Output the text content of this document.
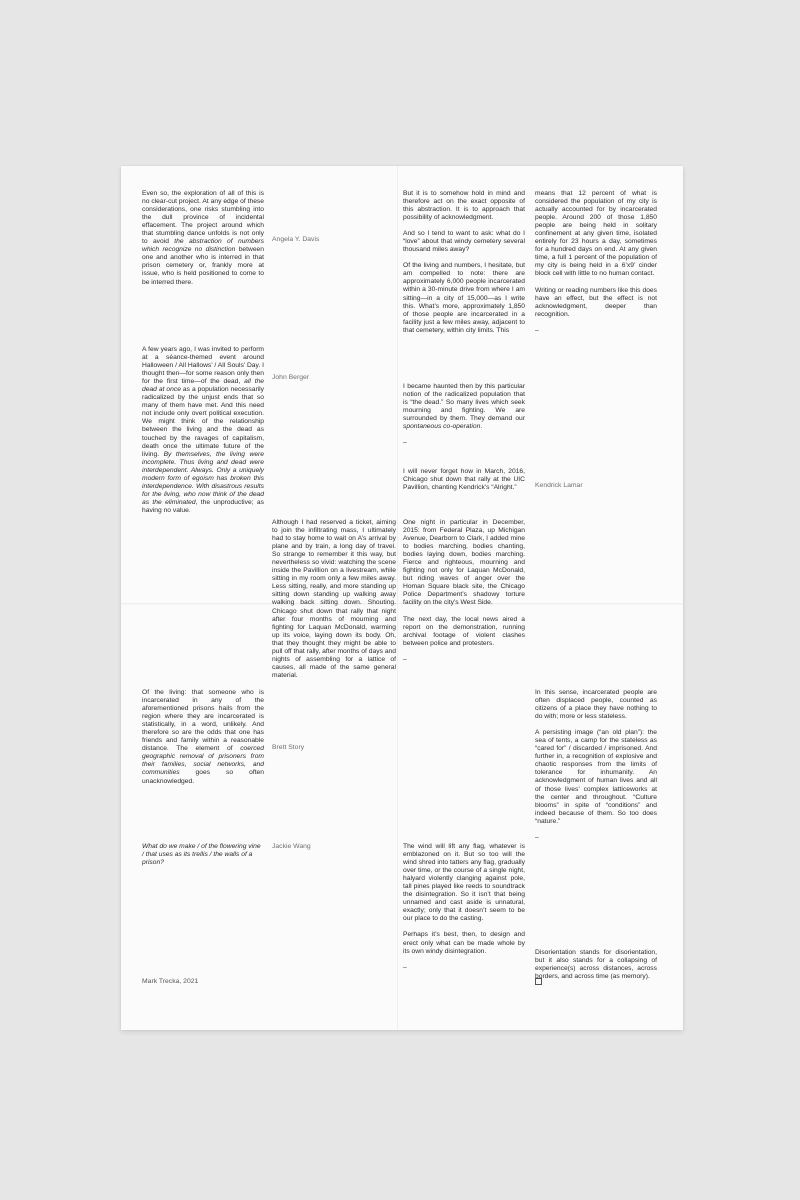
Even so, the exploration of all of this is no clear-cut project. At any edge of these considerations, one risks stumbling into the dull province of incidental effacement. The project around which that stumbling dance unfolds is not only to avoid the abstraction of numbers which recognize no distinction between one and another who is interred in that prison cemetery or, frankly more at issue, who is held positioned to come to be interred there.

Angela Y. Davis

But it is to somehow hold in mind and therefore act on the exact opposite of this abstraction. It is to approach that possibility of acknowledgment.

And so I tend to want to ask: what do I “love” about that windy cemetery several thousand miles away?

Of the living and numbers, I hesitate, but am compelled to note: there are approximately 6,000 people incarcerated within a 30-minute drive from where I am sitting—in a city of 15,000—as I write this. What’s more, approximately 1,850 of those people are incarcerated in a facility just a few miles away, adjacent to that cemetery, within city limits. This

means that 12 percent of what is considered the population of my city is actually accounted for by incarcerated people. Around 200 of those 1,850 people are being held in solitary confinement at any given time, isolated entirely for 23 hours a day, sometimes for a hundred days on end. At any given time, a full 1 percent of the population of my city is being held in a 6’x9’ cinder block cell with little to no human contact.

Writing or reading numbers like this does have an effect, but the effect is not acknowledgment, deeper than recognition.

–

A few years ago, I was invited to perform at a séance-themed event around Halloween / All Hallows’ / All Souls’ Day. I thought then—for some reason only then for the first time—of the dead, all the dead at once as a population necessarily radicalized by the unjust ends that so many of them have met. And this need not include only overt political execution. We might think of the relationship between the living and the dead as touched by the ravages of capitalism, death once the ultimate future of the living. By themselves, the living were incomplete. Thus living and dead were interdependent. Always. Only a uniquely modern form of egoism has broken this interdependence. With disastrous results for the living, who now think of the dead as the eliminated, the unproductive; as having no value.

John Berger

I became haunted then by this particular notion of the radicalized population that is “the dead.” So many lives which seek mourning and fighting. We are surrounded by them. They demand our spontaneous co-operation.

–

I will never forget how in March, 2016, Chicago shut down that rally at the UIC Pavillion, chanting Kendrick’s “Alright.”	Kendrick Lamar

Although I had reserved a ticket, aiming to join the infiltrating mass, I ultimately had to stay home to wait on A’s arrival by plane and by train, a long day of travel. So strange to remember it this way, but nevertheless so vivid: watching the scene inside the Pavillion on a livestream, while sitting in my room only a few miles away. Less sitting, really, and more standing up sitting down standing up walking away walking back sitting down. Shouting. Chicago shut down that rally that night after four months of mourning and fighting for Laquan McDonald, warming up its voice, laying down its body. Oh, that they thought they might be able to pull off that rally, after months of days and nights of assembling for a lattice of causes, all made of the same general material.

One night in particular in December, 2015: from Federal Plaza, up Michigan Avenue, Dearborn to Clark, I added mine to bodies marching, bodies chanting, bodies laying down, bodies marching. Fierce and righteous, mourning and fighting not only for Laquan McDonald, but riding waves of anger over the Homan Square black site, the Chicago Police Department’s shadowy torture facility on the city’s West Side.

The next day, the local news aired a report on the demonstration, running archival footage of violent clashes between police and protesters.

–

Of the living: that someone who is incarcerated in any of the aforementioned prisons hails from the region where they are incarcerated is statistically, in a word, unlikely. And therefore so are the odds that one has friends and family within a reasonable distance. The element of coerced geographic removal of prisoners from their families, social networks, and communities goes so often unacknowledged.

Brett Story

In this sense, incarcerated people are often displaced people, counted as citizens of a place they have nothing to do with; more or less stateless.

A persisting image (“an old plan”): the sea of tents, a camp for the stateless as “cared for” / discarded / imprisoned. And further in, a recognition of explosive and chaotic responses from the limits of tolerance for inhumanity. An acknowledgment of human lives and all of those lives’ complex latticeworks at the center and throughout. “Culture blooms” in spite of “conditions” and indeed because of them. So too does “nature.”

–

What do we make / of the flowering vine / that uses as its trellis / the walls of a prison?

Jackie Wang	The wind will lift any flag, whatever is emblazoned on it. But so too will the wind shred into tatters any flag, gradually over time, or the course of a single night, halyard violently clanging against pole, tall pines played like reeds to soundtrack the disintegration. So it isn’t that being unnamed and cast aside is unnatural, exactly; only that it doesn’t seem to be our place to do the casting.

Perhaps it’s best, then, to design and erect only what can be made whole by its own windy disintegration.

–

Disorientation stands for disorientation, but it also stands for a collapsing of experience(s) across distances, across borders, and across time (as memory).

Mark Trecka, 2021
